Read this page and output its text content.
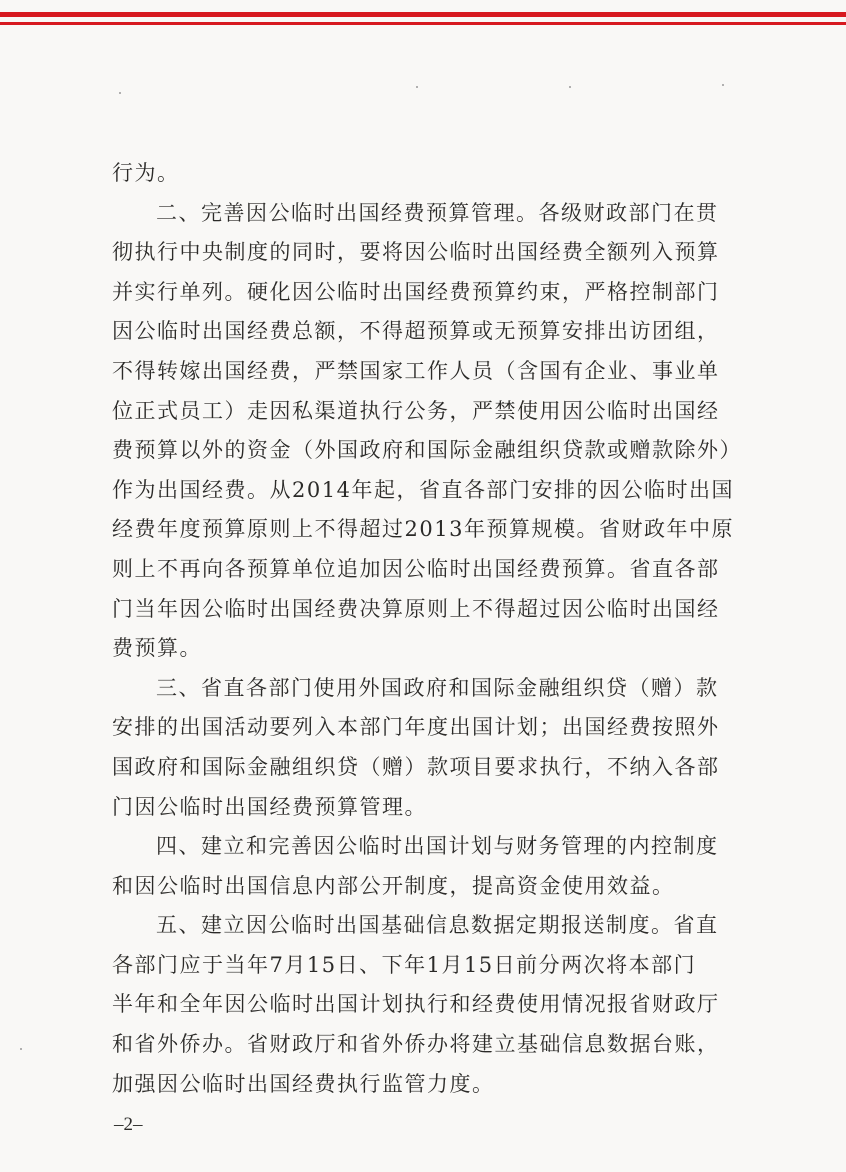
行为。
二、完善因公临时出国经费预算管理。各级财政部门在贯
彻执行中央制度的同时，要将因公临时出国经费全额列入预算
并实行单列。硬化因公临时出国经费预算约束，严格控制部门
因公临时出国经费总额，不得超预算或无预算安排出访团组，
不得转嫁出国经费，严禁国家工作人员（含国有企业、事业单
位正式员工）走因私渠道执行公务，严禁使用因公临时出国经
费预算以外的资金（外国政府和国际金融组织贷款或赠款除外）
作为出国经费。从2014年起，省直各部门安排的因公临时出国
经费年度预算原则上不得超过2013年预算规模。省财政年中原
则上不再向各预算单位追加因公临时出国经费预算。省直各部
门当年因公临时出国经费决算原则上不得超过因公临时出国经
费预算。
三、省直各部门使用外国政府和国际金融组织贷（赠）款
安排的出国活动要列入本部门年度出国计划；出国经费按照外
国政府和国际金融组织贷（赠）款项目要求执行，不纳入各部
门因公临时出国经费预算管理。
四、建立和完善因公临时出国计划与财务管理的内控制度
和因公临时出国信息内部公开制度，提高资金使用效益。
五、建立因公临时出国基础信息数据定期报送制度。省直
各部门应于当年7月15日、下年1月15日前分两次将本部门
半年和全年因公临时出国计划执行和经费使用情况报省财政厅
和省外侨办。省财政厅和省外侨办将建立基础信息数据台账，
加强因公临时出国经费执行监管力度。
–2–
